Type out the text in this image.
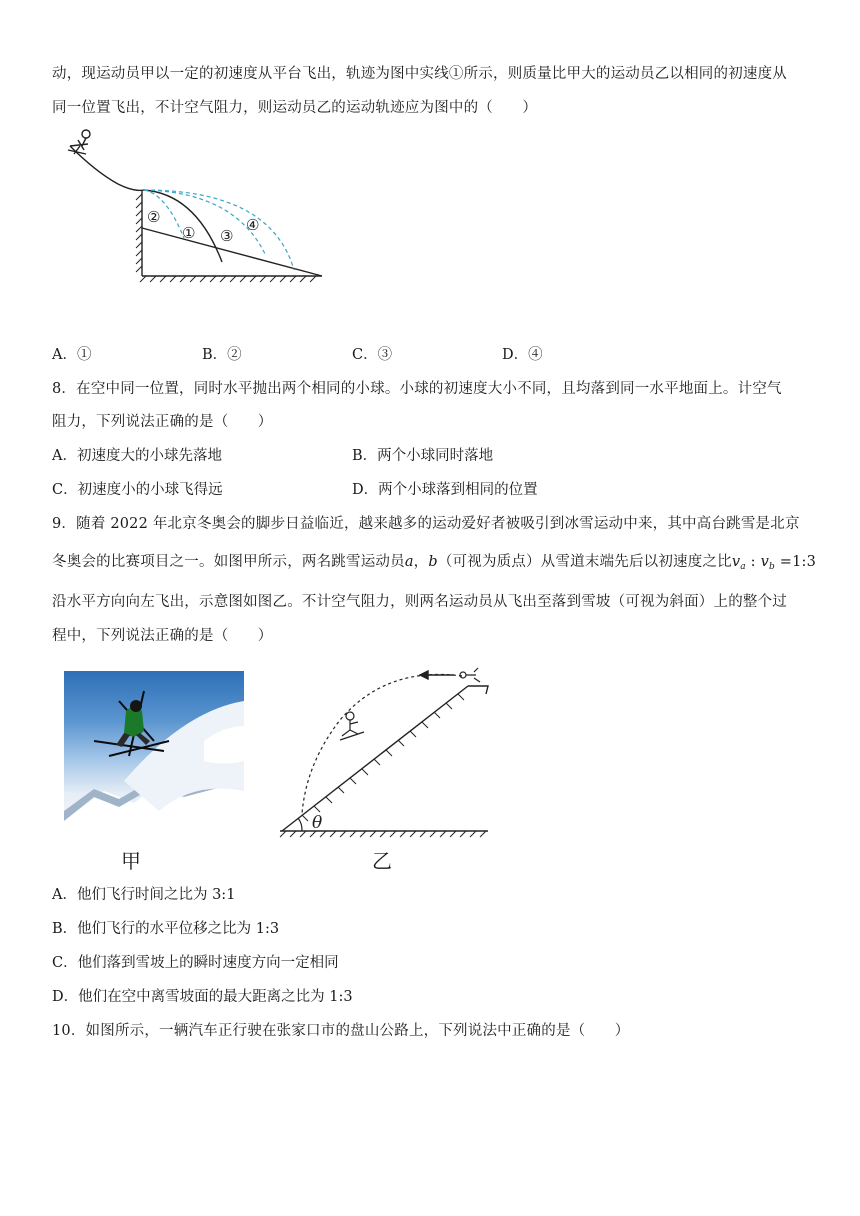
动，现运动员甲以一定的初速度从平台飞出，轨迹为图中实线①所示，则质量比甲大的运动员乙以相同的初速度从
同一位置飞出，不计空气阻力，则运动员乙的运动轨迹应为图中的（　　）
②
① ③
④
A．①	B．②	C．③	D．④
8．在空中同一位置，同时水平抛出两个相同的小球。小球的初速度大小不同，且均落到同一水平地面上。计空气
阻力，下列说法正确的是（　　）
A．初速度大的小球先落地	B．两个小球同时落地
C．初速度小的小球飞得远	D．两个小球落到相同的位置
9．随着 2022 年北京冬奥会的脚步日益临近，越来越多的运动爱好者被吸引到冰雪运动中来，其中高台跳雪是北京
冬奥会的比赛项目之一。如图甲所示，两名跳雪运动员a，b（可视为质点）从雪道末端先后以初速度之比$v_a$ : $v_b$ =1:3
沿水平方向向左飞出，示意图如图乙。不计空气阻力，则两名运动员从飞出至落到雪坡（可视为斜面）上的整个过
程中，下列说法正确的是（　　）
甲
θ
乙
A．他们飞行时间之比为 3:1
B．他们飞行的水平位移之比为 1:3
C．他们落到雪坡上的瞬时速度方向一定相同
D．他们在空中离雪坡面的最大距离之比为 1:3
10．如图所示，一辆汽车正行驶在张家口市的盘山公路上，下列说法中正确的是（　　）
